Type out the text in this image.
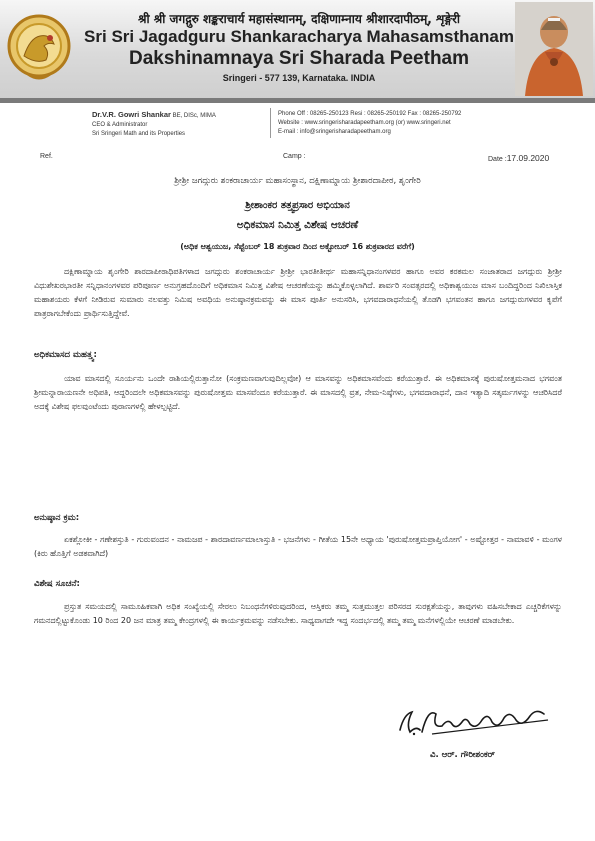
श्री श्री जगद्गुरु शङ्कराचार्य महासंस्थानम्, दक्षिणाम्नाय श्रीशारदापीठम्, शृङ्गेरी
Sri Sri Jagadguru Shankaracharya Mahasamsthanam
Dakshinamnaya Sri Sharada Peetham
Sringeri - 577 139, Karnataka. INDIA
Dr.V.R. Gowri Shankar BE, DISc, MIMA
CEO & Administrator
Sri Sringeri Math and its Properties
Phone Off : 08265-250123 Resi : 08265-250192 Fax : 08265-250792
Website : www.sringerisharadapeetham.org (or) www.sringeri.net
E-mail : info@sringerisharadapeetham.org
Ref.	Camp :	Date :17.09.2020
ಶ್ರೀಶ್ರೀ ಜಗದ್ಗುರು ಶಂಕರಾಚಾರ್ಯ ಮಹಾಸಂಸ್ಥಾನ, ದಕ್ಷಿಣಾಮ್ನಾಯ ಶ್ರೀಶಾರದಾಪೀಠ, ಶೃಂಗೇರಿ
ಶ್ರೀಶಾಂಕರ ತತ್ತ್ವಪ್ರಸಾರ ಅಭಿಯಾನ
ಅಧಿಕಮಾಸ ನಿಮಿತ್ತ ವಿಶೇಷ ಆಚರಣೆ
(ಅಧಿಕ ಆಶ್ವಯುಜ, ಸೆಪ್ಟೆಂಬರ್ 18 ಶುಕ್ರವಾರ ದಿಂದ ಅಕ್ಟೋಬರ್ 16 ಶುಕ್ರವಾರದ ವರೆಗೆ)
ದಕ್ಷಿಣಾಮ್ನಾಯ ಶೃಂಗೇರಿ ಶಾರದಾಪೀಠಾಧಿಪತಿಗಳಾದ ಜಗದ್ಗುರು ಶಂಕರಾಚಾರ್ಯ ಶ್ರೀಶ್ರೀ ಭಾರತೀತೀರ್ಥ ಮಹಾಸನ್ನಿಧಾನಂಗಳವರ ಹಾಗೂ ಅವರ ಕರಕಮಲ ಸಂಜಾತರಾದ ಜಗದ್ಗುರು ಶ್ರೀಶ್ರೀ ವಿಧುಶೇಖರಭಾರತೀ ಸನ್ನಿಧಾನಂಗಳವರ ಪರಿಪೂರ್ಣ ಅನುಗ್ರಹದೊಂದಿಗೆ ಅಧಿಕಮಾಸ ನಿಮಿತ್ತ ವಿಶೇಷ ಆಚರಣೆಯನ್ನು ಹಮ್ಮಿಕೊಳ್ಳಲಾಗಿದೆ. ಶಾರ್ವರಿ ಸಂವತ್ಸರದಲ್ಲಿ ಅಧಿಕಾಶ್ವಯುಜ ಮಾಸ ಬಂದಿದ್ದರಿಂದ ನಿಖಿಲಾಸ್ತಿಕ ಮಹಾಶಯರು ಕೆಳಗೆ ನೀಡಿರುವ ಸುಮಾರು ನಲವತ್ತು ನಿಮಿಷ ಅವಧಿಯ ಅನುಷ್ಠಾನಕ್ರಮವನ್ನು ಈ ಮಾಸ ಪೂರ್ತಿ ಅನುಸರಿಸಿ, ಭಗವದಾರಾಧನೆಯಲ್ಲಿ ತೊಡಗಿ ಭಗವಂತನ ಹಾಗೂ ಜಗದ್ಗುರುಗಳವರ ಕೃಪೆಗೆ ಪಾತ್ರರಾಗಬೇಕೆಂದು ಪ್ರಾರ್ಥಿಸುತ್ತಿದ್ದೇವೆ.
ಅಧಿಕಮಾಸದ ಮಹತ್ತ್ವ:
ಯಾವ ಮಾಸದಲ್ಲಿ ಸೂರ್ಯನು ಒಂದೇ ರಾಶಿಯಲ್ಲಿರುತ್ತಾನೋ (ಸಂಕ್ರಮಣವಾಗುವುದಿಲ್ಲವೋ) ಆ ಮಾಸವನ್ನು ಅಧಿಕಮಾಸವೆಂದು ಕರೆಯುತ್ತಾರೆ. ಈ ಅಧಿಕಮಾಸಕ್ಕೆ ಪುರುಷೋತ್ತಮನಾದ ಭಗವಂತ ಶ್ರೀಮನ್ನಾರಾಯಣನೇ ಅಧಿಪತಿ, ಆದ್ದರಿಂದಲೇ ಅಧಿಕಮಾಸವನ್ನು ಪುರುಷೋತ್ತಮ ಮಾಸವೆಂದೂ ಕರೆಯುತ್ತಾರೆ. ಈ ಮಾಸದಲ್ಲಿ ವ್ರತ, ನೇಮ-ನಿಷ್ಠೆಗಳು, ಭಗವದಾರಾಧನೆ, ದಾನ ಇತ್ಯಾದಿ ಸತ್ಕರ್ಮಗಳನ್ನು ಆಚರಿಸಿದರೆ ಅದಕ್ಕೆ ವಿಶೇಷ ಫಲವುಂಟೆಂದು ಪುರಾಣಗಳಲ್ಲಿ ಹೇಳಲ್ಪಟ್ಟಿದೆ.
ಅನುಷ್ಠಾನ ಕ್ರಮ:
ಏಕಶ್ಲೋಕೀ - ಗಣೇಶಸ್ತುತಿ - ಗುರುವಂದನ - ನಾಮಜಪ - ಶಾರದಾವರ್ಣಮಾಲಾಸ್ತುತಿ - ಭಜನೆಗಳು - ಗೀತೆಯ 15ನೇ ಅಧ್ಯಾಯ 'ಪುರುಷೋತ್ತಮಪ್ರಾಪ್ತಿಯೋಗ' - ಅಷ್ಟೋತ್ತರ - ನಾಮಾವಳಿ - ಮಂಗಳ (ಕಿರು ಹೊತ್ತಿಗೆ ಅಡಕವಾಗಿದೆ)
ವಿಶೇಷ ಸೂಚನೆ:
ಪ್ರಸ್ತುತ ಸಮಯದಲ್ಲಿ ಸಾಮೂಹಿಕವಾಗಿ ಅಧಿಕ ಸಂಖ್ಯೆಯಲ್ಲಿ ಸೇರಲು ನಿಬಂಧನೆಗಳಿರುವುದರಿಂದ, ಆಸ್ತಿಕರು ತಮ್ಮ ಸುತ್ತಮುತ್ತಲ ಪರಿಸರದ ಸುರಕ್ಷತೆಯನ್ನು, ತಾವುಗಳು ವಹಿಸಬೇಕಾದ ಎಚ್ಚರಿಕೆಗಳನ್ನು ಗಮನದಲ್ಲಿಟ್ಟುಕೊಂಡು 10 ರಿಂದ 20 ಜನ ಮಾತ್ರ ತಮ್ಮ ಕೇಂದ್ರಗಳಲ್ಲಿ ಈ ಕಾರ್ಯಕ್ರಮವನ್ನು ನಡೆಸಬೇಕು. ಸಾಧ್ಯವಾಗದೇ ಇದ್ದ ಸಂದರ್ಭದಲ್ಲಿ ತಮ್ಮ ತಮ್ಮ ಮನೆಗಳಲ್ಲಿಯೇ ಆಚರಣೆ ಮಾಡಬೇಕು.
ವಿ. ಆರ್. ಗೌರೀಶಂಕರ್
